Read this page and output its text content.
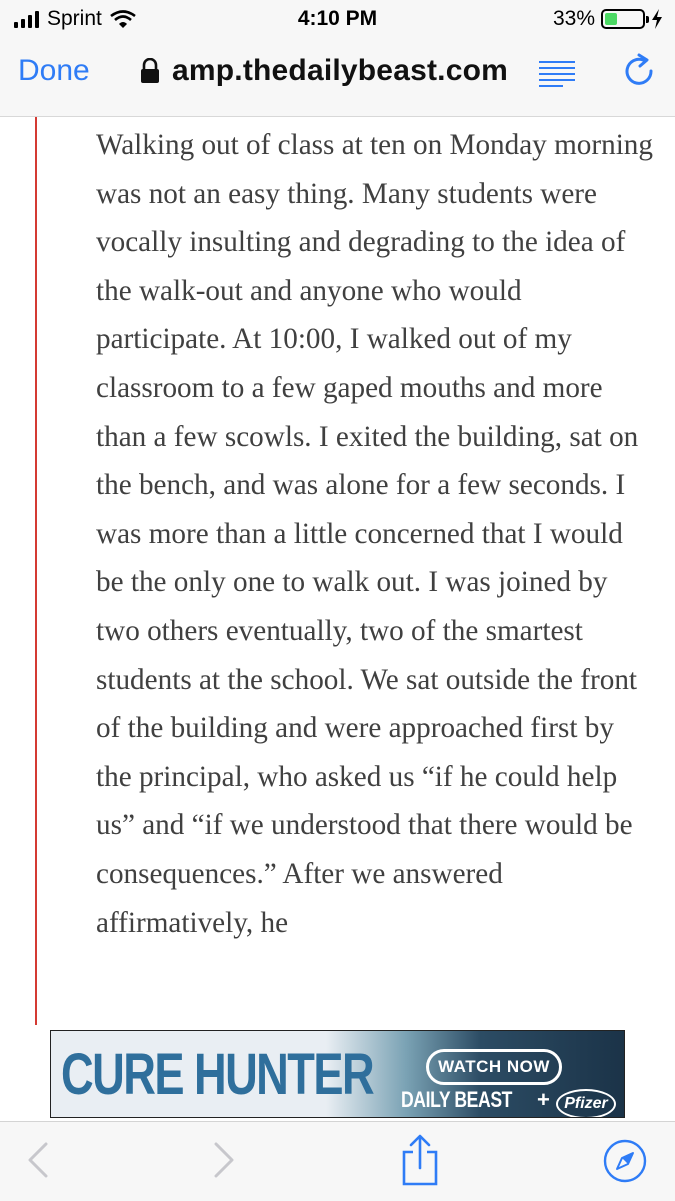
Sprint	4:10 PM	33%
Done	amp.thedailybeast.com

Walking out of class at ten on Monday morning was not an easy thing. Many students were vocally insulting and degrading to the idea of the walk-out and anyone who would participate. At 10:00, I walked out of my classroom to a few gaped mouths and more than a few scowls. I exited the building, sat on the bench, and was alone for a few seconds. I was more than a little concerned that I would be the only one to walk out. I was joined by two others eventually, two of the smartest students at the school. We sat outside the front of the building and were approached first by the principal, who asked us “if he could help us” and “if we understood that there would be consequences.” After we answered affirmatively, he

CURE HUNTER	WATCH NOW
DAILY BEAST + Pfizer
